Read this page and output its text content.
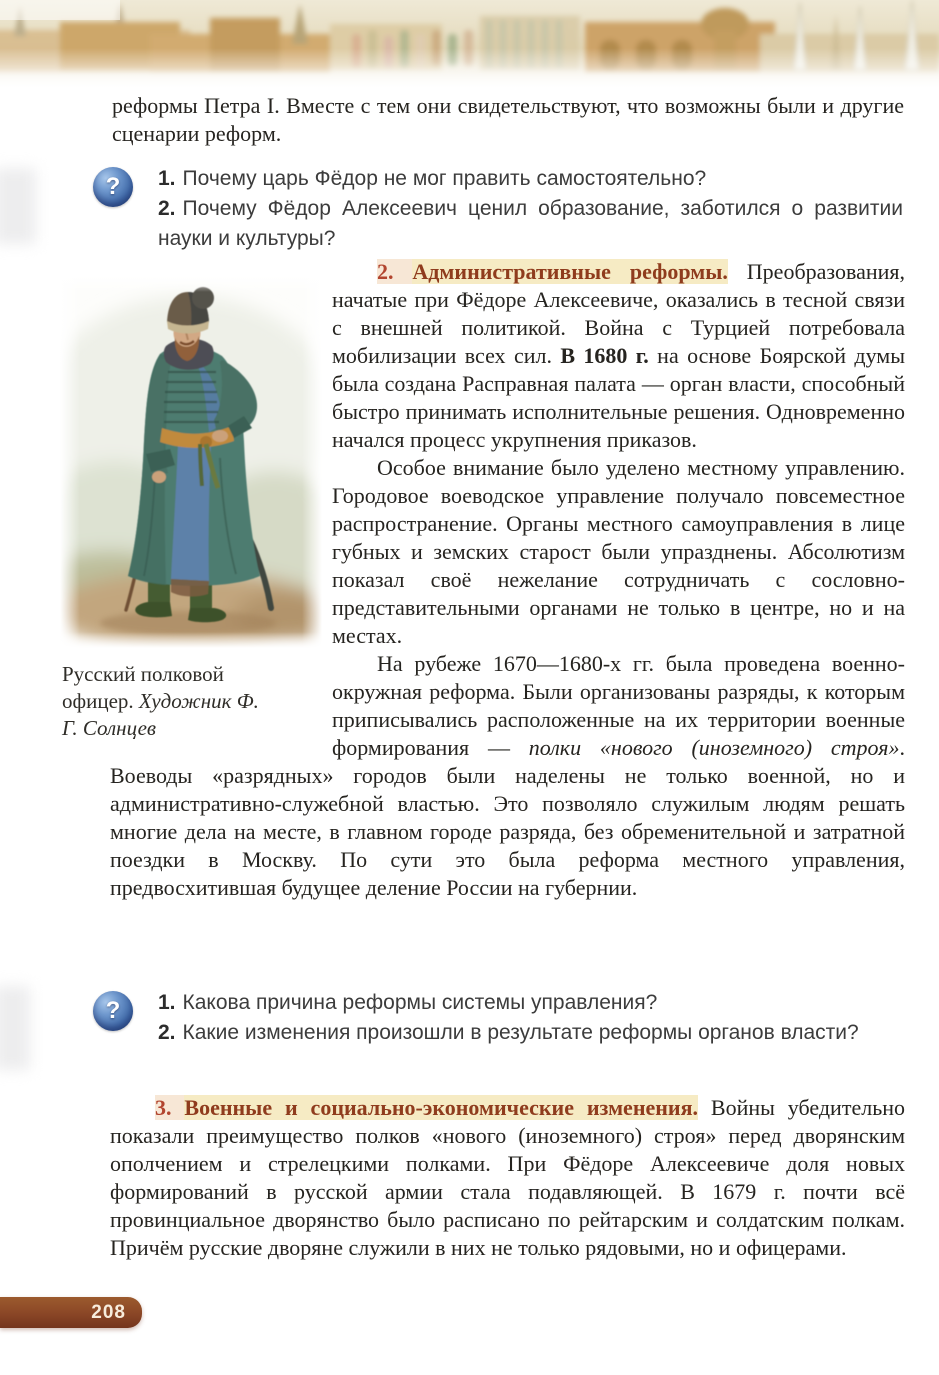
реформы Петра I. Вместе с тем они свидетельствуют, что возможны были и другие сценарии реформ.

?	1. Почему царь Фёдор не мог править самостоятельно?

2. Почему Фёдор Алексеевич ценил образование, заботился о развитии науки и культуры?

Русский полковой офицер. Художник Ф. Г. Солнцев

2. Административные реформы. Преобразования, начатые при Фёдоре Алексеевиче, оказались в тесной связи с внешней политикой. Война с Турцией потребовала мобилизации всех сил. В 1680 г. на основе Боярской думы была создана Расправная палата — орган власти, способный быстро принимать исполнительные решения. Одновременно начался процесс укрупнения приказов.

Особое внимание было уделено местному управлению. Городовое воеводское управление получало повсеместное распространение. Органы местного самоуправления в лице губных и земских старост были упразднены. Абсолютизм показал своё нежелание сотрудничать с сословно-представительными органами не только в центре, но и на местах.

На рубеже 1670—1680-х гг. была проведена военно-окружная реформа. Были организованы разряды, к которым приписывались расположенные на их территории военные формирования — полки «нового (иноземного) строя». Воеводы «разрядных» городов были наделены не только военной, но и административно-служебной властью. Это позволяло служилым людям решать многие дела на месте, в главном городе разряда, без обременительной и затратной поездки в Москву. По сути это была реформа местного управления, предвосхитившая будущее деление России на губернии.

?	1. Какова причина реформы системы управления?

2. Какие изменения произошли в результате реформы органов власти?

3. Военные и социально-экономические изменения. Войны убедительно показали преимущество полков «нового (иноземного) строя» перед дворянским ополчением и стрелецкими полками. При Фёдоре Алексеевиче доля новых формирований в русской армии стала подавляющей. В 1679 г. почти всё провинциальное дворянство было расписано по рейтарским и солдатским полкам. Причём русские дворяне служили в них не только рядовыми, но и офицерами.

208
